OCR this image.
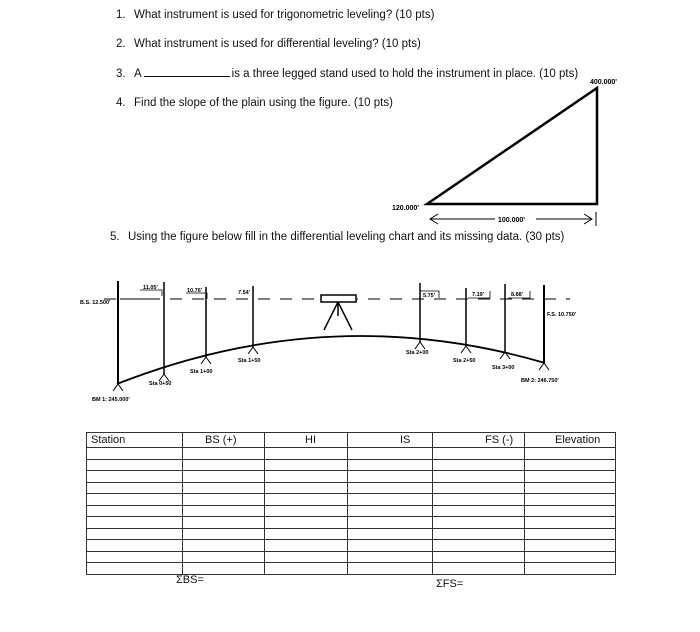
1. What instrument is used for trigonometric leveling? (10 pts)
2. What instrument is used for differential leveling? (10 pts)
3. A	is a three legged stand used to hold the instrument in place. (10 pts)
4. Find the slope of the plain using the figure. (10 pts)
5. Using the figure below fill in the differential leveling chart and its missing data. (30 pts)
400.000'
120.000'
100.000'
B.S. 12.500'
11.05'	10.76'	7.54'	5.75'	7.19'	8.88'
F.S. 10.750'
BM 1: 245.000'
BM 2: 246.750'
Sta 0+50
Sta 1+00
Sta 1+50
Sta 2+00
Sta 2+50
Sta 3+00
Station	BS (+)	HI	IS	FS (-)	Elevation

ΣBS=	ΣFS=
